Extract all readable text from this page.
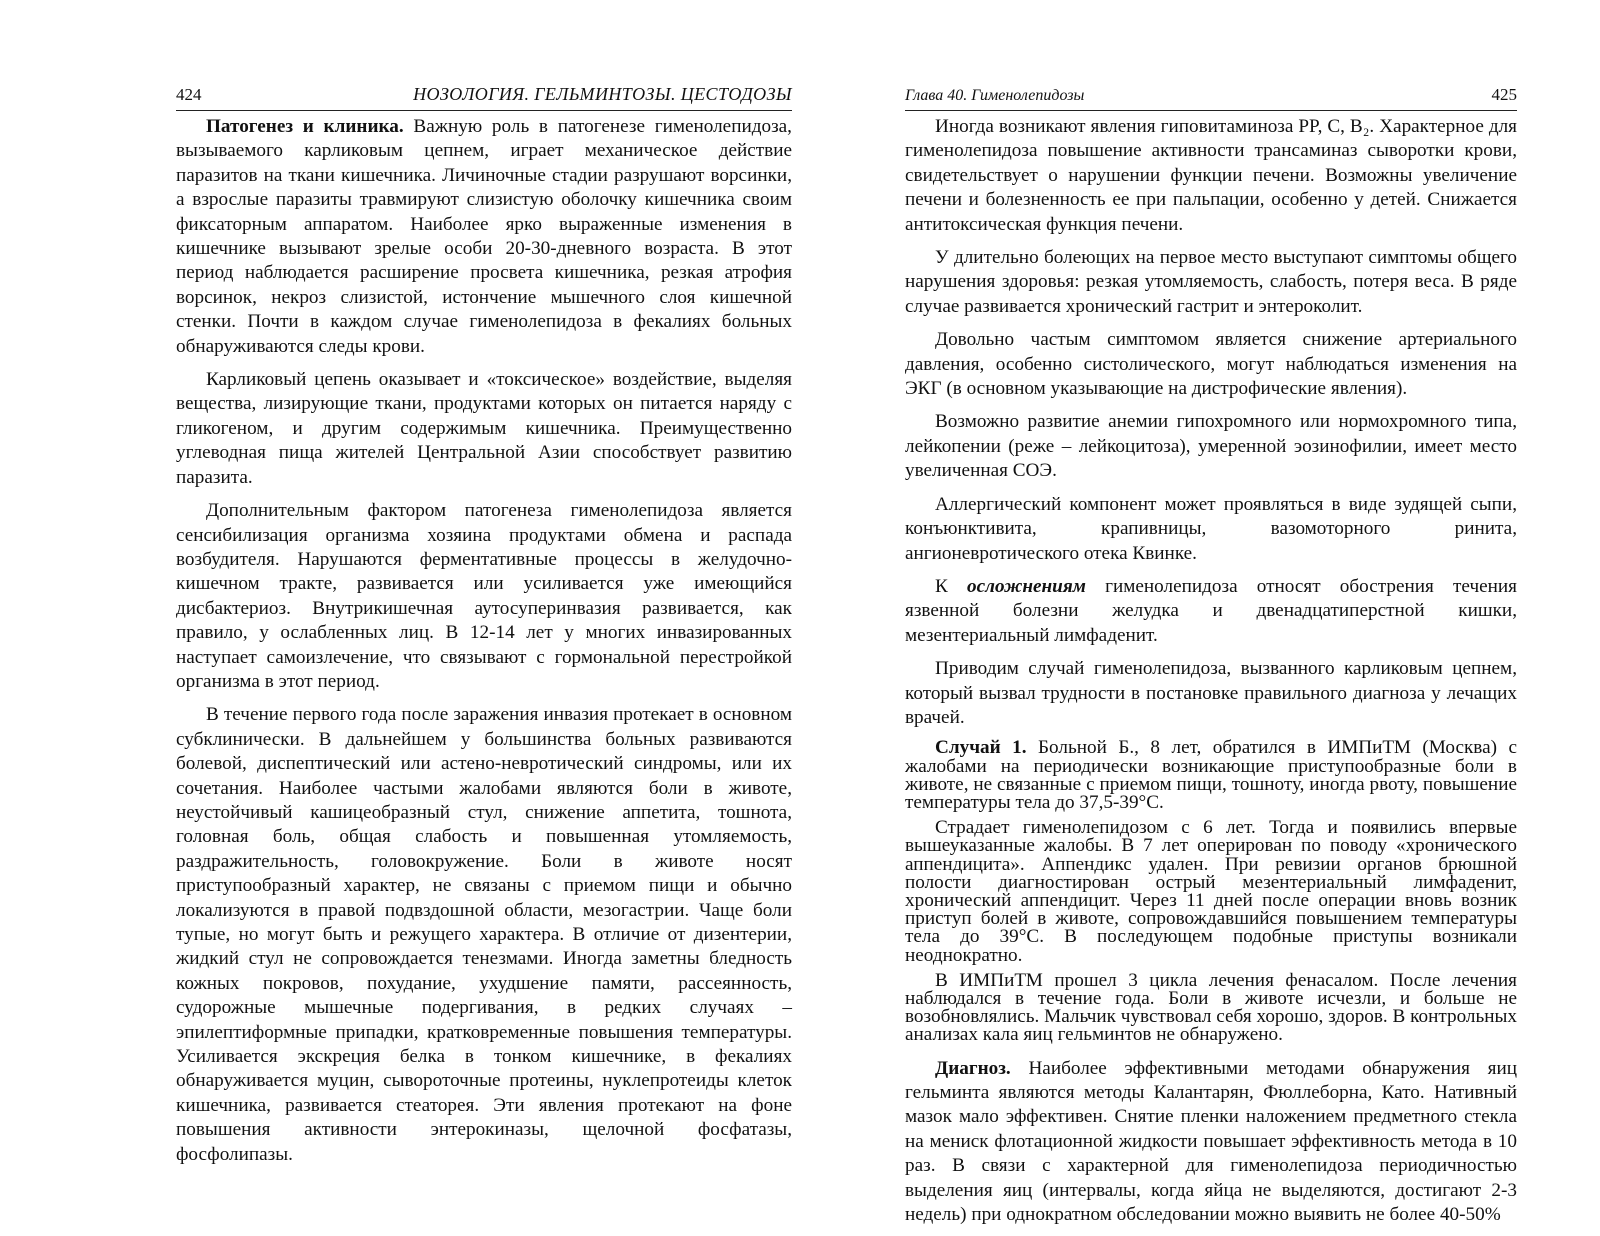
424	НОЗОЛОГИЯ. ГЕЛЬМИНТОЗЫ. ЦЕСТОДОЗЫ

Патогенез и клиника. Важную роль в патогенезе гименолепидоза, вызываемого карликовым цепнем, играет механическое действие паразитов на ткани кишечника. Личиночные стадии разрушают ворсинки, а взрослые паразиты травмируют слизистую оболочку кишечника своим фиксаторным аппаратом. Наиболее ярко выраженные изменения в кишечнике вызывают зрелые особи 20-30-дневного возраста. В этот период наблюдается расширение просвета кишечника, резкая атрофия ворсинок, некроз слизистой, истончение мышечного слоя кишечной стенки. Почти в каждом случае гименолепидоза в фекалиях больных обнаруживаются следы крови.

Карликовый цепень оказывает и «токсическое» воздействие, выделяя вещества, лизирующие ткани, продуктами которых он питается наряду с гликогеном, и другим содержимым кишечника. Преимущественно углеводная пища жителей Центральной Азии способствует развитию паразита.

Дополнительным фактором патогенеза гименолепидоза является сенсибилизация организма хозяина продуктами обмена и распада возбудителя. Нарушаются ферментативные процессы в желудочно-кишечном тракте, развивается или усиливается уже имеющийся дисбактериоз. Внутрикишечная аутосуперинвазия развивается, как правило, у ослабленных лиц. В 12-14 лет у многих инвазированных наступает самоизлечение, что связывают с гормональной перестройкой организма в этот период.

В течение первого года после заражения инвазия протекает в основном субклинически. В дальнейшем у большинства больных развиваются болевой, диспептический или астено-невротический синдромы, или их сочетания. Наиболее частыми жалобами являются боли в животе, неустойчивый кашицеобразный стул, снижение аппетита, тошнота, головная боль, общая слабость и повышенная утомляемость, раздражительность, головокружение. Боли в животе носят приступообразный характер, не связаны с приемом пищи и обычно локализуются в правой подвздошной области, мезогастрии. Чаще боли тупые, но могут быть и режущего характера. В отличие от дизентерии, жидкий стул не сопровождается тенезмами. Иногда заметны бледность кожных покровов, похудание, ухудшение памяти, рассеянность, судорожные мышечные подергивания, в редких случаях – эпилептиформные припадки, кратковременные повышения температуры. Усиливается экскреция белка в тонком кишечнике, в фекалиях обнаруживается муцин, сывороточные протеины, нуклепротеиды клеток кишечника, развивается стеаторея. Эти явления протекают на фоне повышения активности энтерокиназы, щелочной фосфатазы, фосфолипазы.

Глава 40. Гименолепидозы	425

Иногда возникают явления гиповитаминоза PP, C, B₂. Характерное для гименолепидоза повышение активности трансаминаз сыворотки крови, свидетельствует о нарушении функции печени. Возможны увеличение печени и болезненность ее при пальпации, особенно у детей. Снижается антитоксическая функция печени.

У длительно болеющих на первое место выступают симптомы общего нарушения здоровья: резкая утомляемость, слабость, потеря веса. В ряде случае развивается хронический гастрит и энтероколит.

Довольно частым симптомом является снижение артериального давления, особенно систолического, могут наблюдаться изменения на ЭКГ (в основном указывающие на дистрофические явления).

Возможно развитие анемии гипохромного или нормохромного типа, лейкопении (реже – лейкоцитоза), умеренной эозинофилии, имеет место увеличенная СОЭ.

Аллергический компонент может проявляться в виде зудящей сыпи, конъюнктивита, крапивницы, вазомоторного ринита, ангионевротического отека Квинке.

К осложнениям гименолепидоза относят обострения течения язвенной болезни желудка и двенадцатиперстной кишки, мезентериальный лимфаденит.

Приводим случай гименолепидоза, вызванного карликовым цепнем, который вызвал трудности в постановке правильного диагноза у лечащих врачей.

Случай 1. Больной Б., 8 лет, обратился в ИМПиТМ (Москва) с жалобами на периодически возникающие приступообразные боли в животе, не связанные с приемом пищи, тошноту, иногда рвоту, повышение температуры тела до 37,5-39°С.

Страдает гименолепидозом с 6 лет. Тогда и появились впервые вышеуказанные жалобы. В 7 лет оперирован по поводу «хронического аппендицита». Аппендикс удален. При ревизии органов брюшной полости диагностирован острый мезентериальный лимфаденит, хронический аппендицит. Через 11 дней после операции вновь возник приступ болей в животе, сопровождавшийся повышением температуры тела до 39°С. В последующем подобные приступы возникали неоднократно.

В ИМПиТМ прошел 3 цикла лечения фенасалом. После лечения наблюдался в течение года. Боли в животе исчезли, и больше не возобновлялись. Мальчик чувствовал себя хорошо, здоров. В контрольных анализах кала яиц гельминтов не обнаружено.

Диагноз. Наиболее эффективными методами обнаружения яиц гельминта являются методы Калантарян, Фюллеборна, Като. Нативный мазок мало эффективен. Снятие пленки наложением предметного стекла на мениск флотационной жидкости повышает эффективность метода в 10 раз. В связи с характерной для гименолепидоза периодичностью выделения яиц (интервалы, когда яйца не выделяются, достигают 2-3 недель) при однократном обследовании можно выявить не более 40-50%
